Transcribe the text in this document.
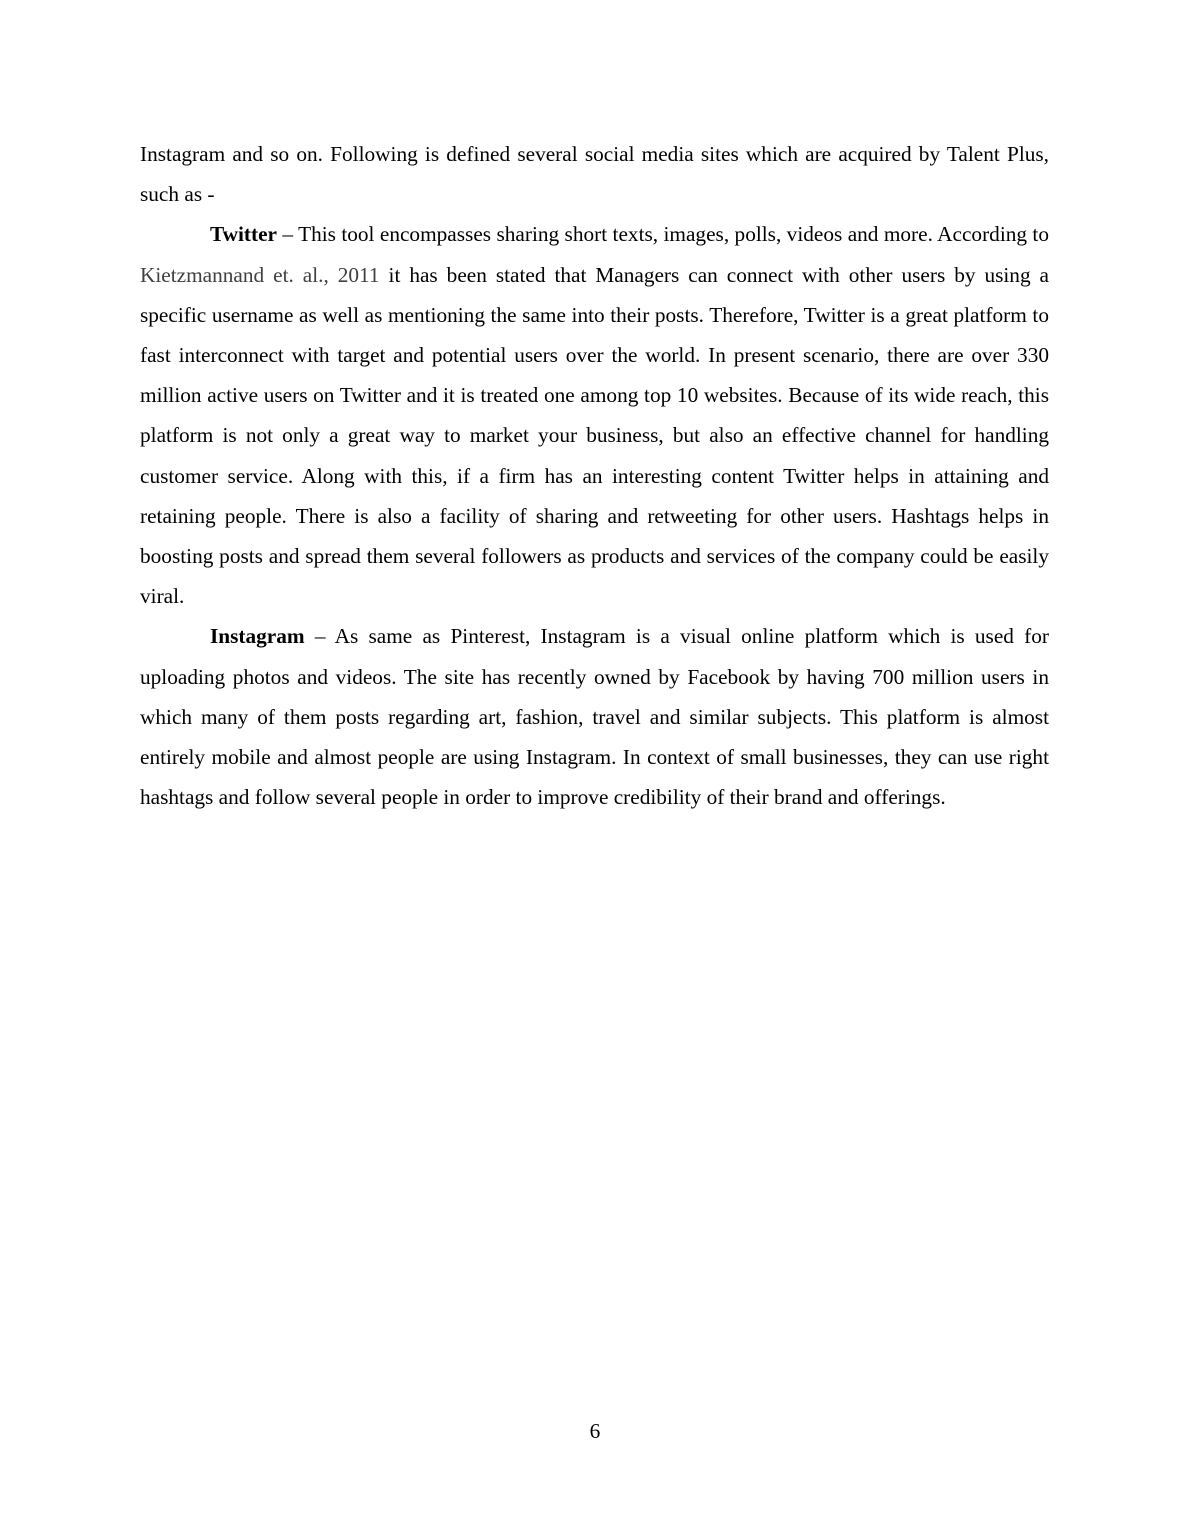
Instagram and so on. Following is defined several social media sites which are acquired by Talent Plus, such as -

Twitter – This tool encompasses sharing short texts, images, polls, videos and more. According to Kietzmannand et. al., 2011 it has been stated that Managers can connect with other users by using a specific username as well as mentioning the same into their posts. Therefore, Twitter is a great platform to fast interconnect with target and potential users over the world. In present scenario, there are over 330 million active users on Twitter and it is treated one among top 10 websites. Because of its wide reach, this platform is not only a great way to market your business, but also an effective channel for handling customer service. Along with this, if a firm has an interesting content Twitter helps in attaining and retaining people. There is also a facility of sharing and retweeting for other users. Hashtags helps in boosting posts and spread them several followers as products and services of the company could be easily viral.

Instagram – As same as Pinterest, Instagram is a visual online platform which is used for uploading photos and videos. The site has recently owned by Facebook by having 700 million users in which many of them posts regarding art, fashion, travel and similar subjects. This platform is almost entirely mobile and almost people are using Instagram. In context of small businesses, they can use right hashtags and follow several people in order to improve credibility of their brand and offerings.

6
